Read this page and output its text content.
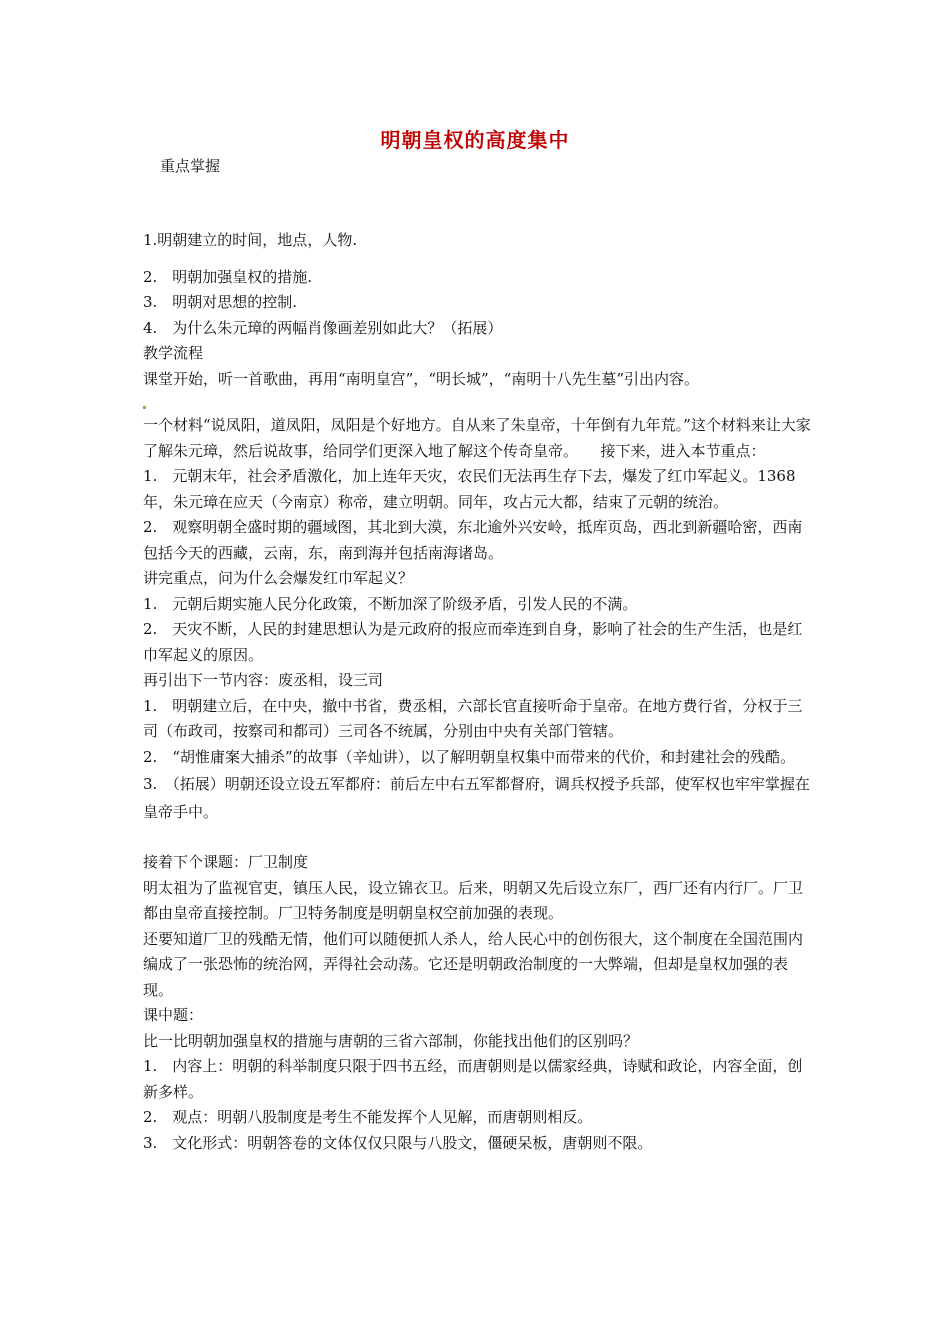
明朝皇权的高度集中
重点掌握

1.明朝建立的时间，地点，人物.

2.　明朝加强皇权的措施.

3.　明朝对思想的控制.

4.　为什么朱元璋的两幅肖像画差别如此大？（拓展）

教学流程

课堂开始，听一首歌曲，再用“南明皇宫”，“明长城”，“南明十八先生墓”引出内容。

一个材料“说凤阳，道凤阳，凤阳是个好地方。自从来了朱皇帝，十年倒有九年荒。”这个材料来让大家了解朱元璋，然后说故事，给同学们更深入地了解这个传奇皇帝。　　接下来，进入本节重点：

1.　元朝末年，社会矛盾激化，加上连年天灾，农民们无法再生存下去，爆发了红巾军起义。1368年，朱元璋在应天（今南京）称帝，建立明朝。同年，攻占元大都，结束了元朝的统治。

2.　观察明朝全盛时期的疆域图，其北到大漠，东北逾外兴安岭，抵库页岛，西北到新疆哈密，西南包括今天的西藏，云南，东，南到海并包括南海诸岛。

讲完重点，问为什么会爆发红巾军起义？

1.　元朝后期实施人民分化政策，不断加深了阶级矛盾，引发人民的不满。

2.　天灾不断，人民的封建思想认为是元政府的报应而牵连到自身，影响了社会的生产生活，也是红巾军起义的原因。

再引出下一节内容：废丞相，设三司

1.　明朝建立后，在中央，撤中书省，费丞相，六部长官直接听命于皇帝。在地方费行省，分权于三司（布政司，按察司和都司）三司各不统属，分别由中央有关部门管辖。

2.　“胡惟庸案大捕杀”的故事（辛灿讲），以了解明朝皇权集中而带来的代价，和封建社会的残酷。

3.　（拓展）明朝还设立设五军都府：前后左中右五军都督府，调兵权授予兵部，使军权也牢牢掌握在皇帝手中。

接着下个课题：厂卫制度

明太祖为了监视官吏，镇压人民，设立锦衣卫。后来，明朝又先后设立东厂，西厂还有内行厂。厂卫都由皇帝直接控制。厂卫特务制度是明朝皇权空前加强的表现。

还要知道厂卫的残酷无情，他们可以随便抓人杀人，给人民心中的创伤很大，这个制度在全国范围内编成了一张恐怖的统治网，弄得社会动荡。它还是明朝政治制度的一大弊端，但却是皇权加强的表现。

课中题：

比一比明朝加强皇权的措施与唐朝的三省六部制，你能找出他们的区别吗？

1.　内容上：明朝的科举制度只限于四书五经，而唐朝则是以儒家经典，诗赋和政论，内容全面，创新多样。

2.　观点：明朝八股制度是考生不能发挥个人见解，而唐朝则相反。

3.　文化形式：明朝答卷的文体仅仅只限与八股文，僵硬呆板，唐朝则不限。
